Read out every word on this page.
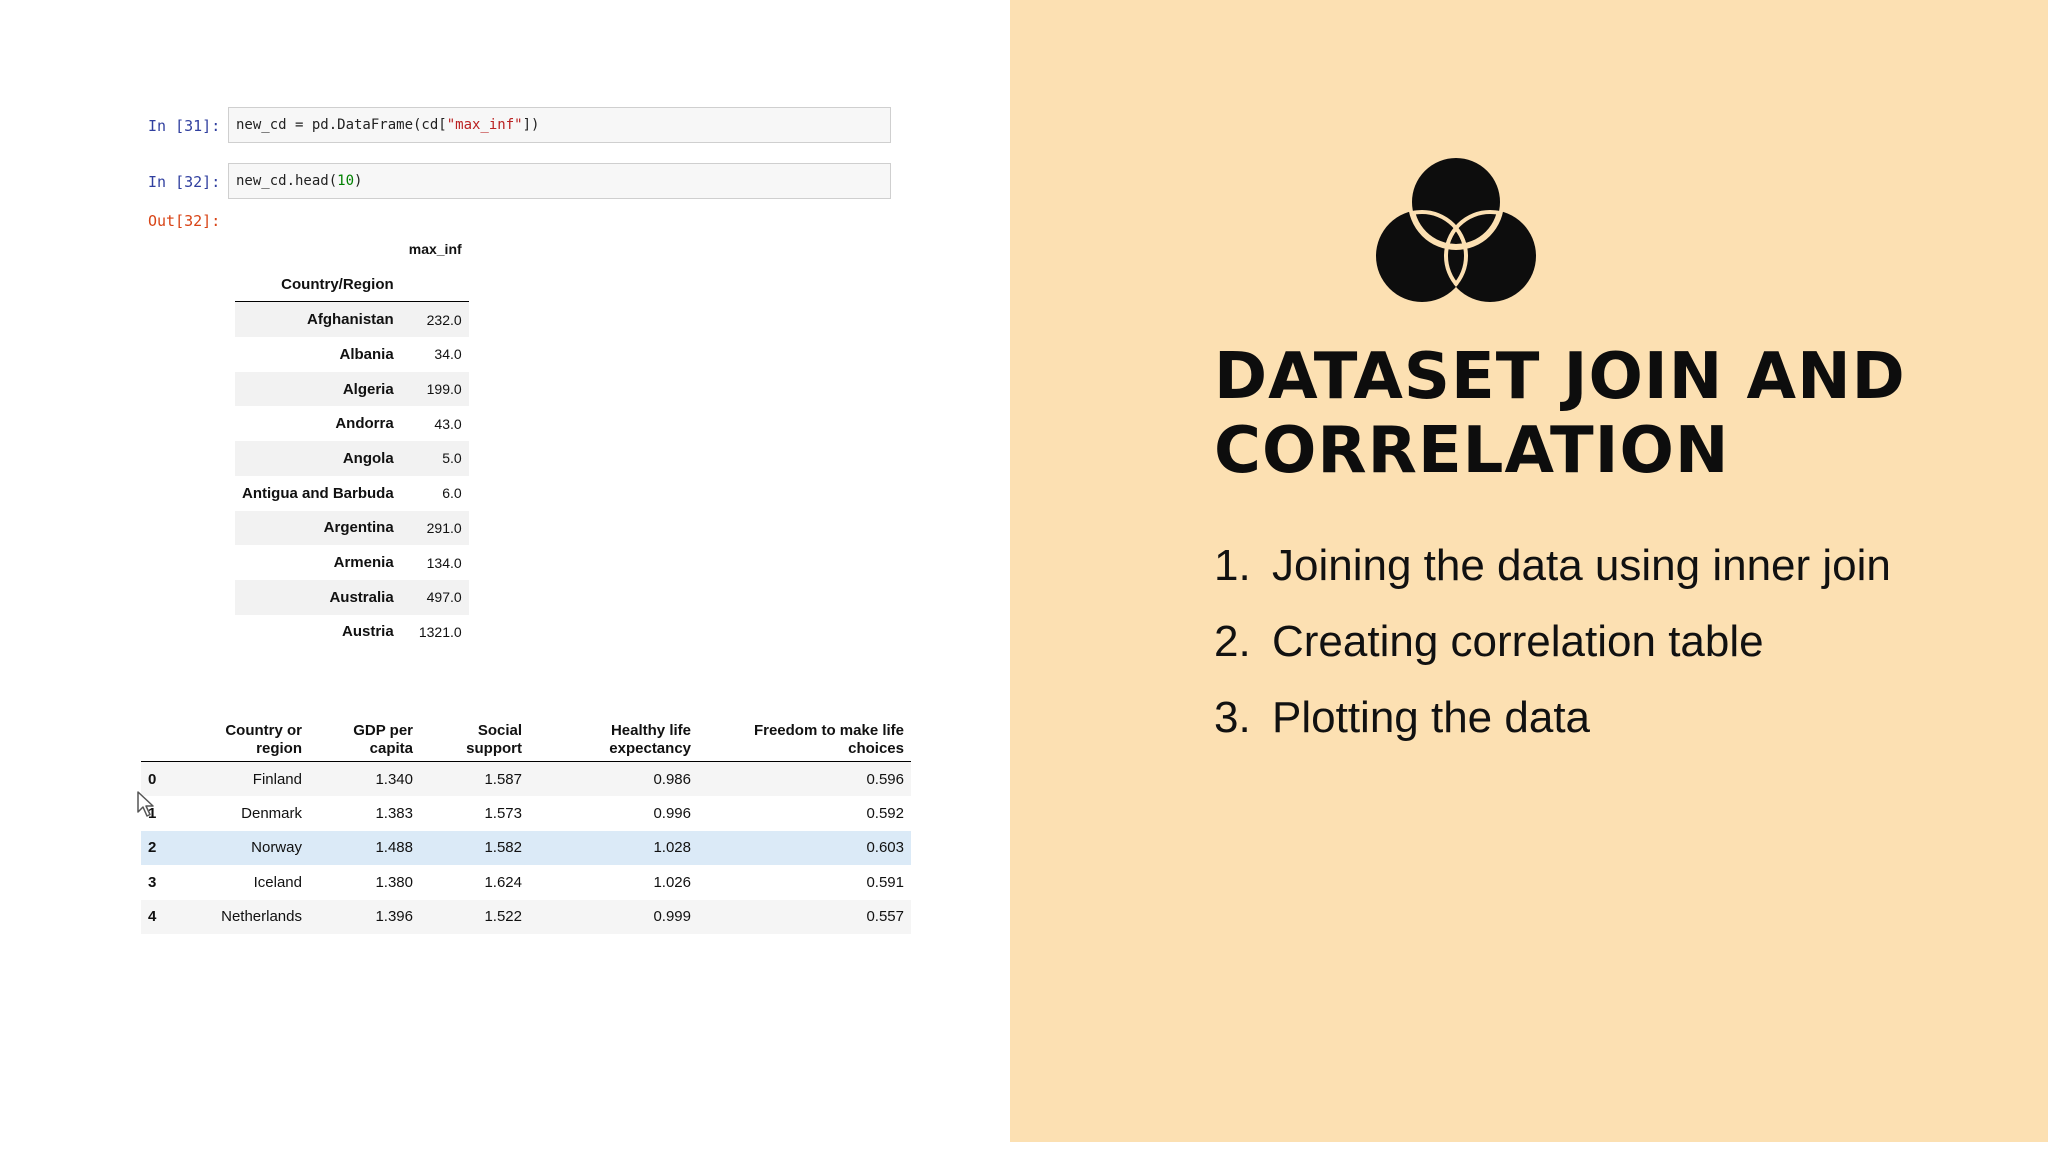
In [31]:	new_cd = pd.DataFrame(cd[ "max_inf" ])
In [32]:	new_cd.head( 10 )
Out[32]:
	max_inf
Country/Region	
Afghanistan	232.0
Albania	34.0
Algeria	199.0
Andorra	43.0
Angola	5.0
Antigua and Barbuda	6.0
Argentina	291.0
Armenia	134.0
Australia	497.0
Austria	1321.0
	Country or region	GDP per capita	Social support	Healthy life expectancy	Freedom to make life choices
0	Finland	1.340	1.587	0.986	0.596
1	Denmark	1.383	1.573	0.996	0.592
2	Norway	1.488	1.582	1.028	0.603
3	Iceland	1.380	1.624	1.026	0.591
4	Netherlands	1.396	1.522	0.999	0.557
DATASET JOIN AND
CORRELATION
1. Joining the data using inner join
2. Creating correlation table
3. Plotting the data
